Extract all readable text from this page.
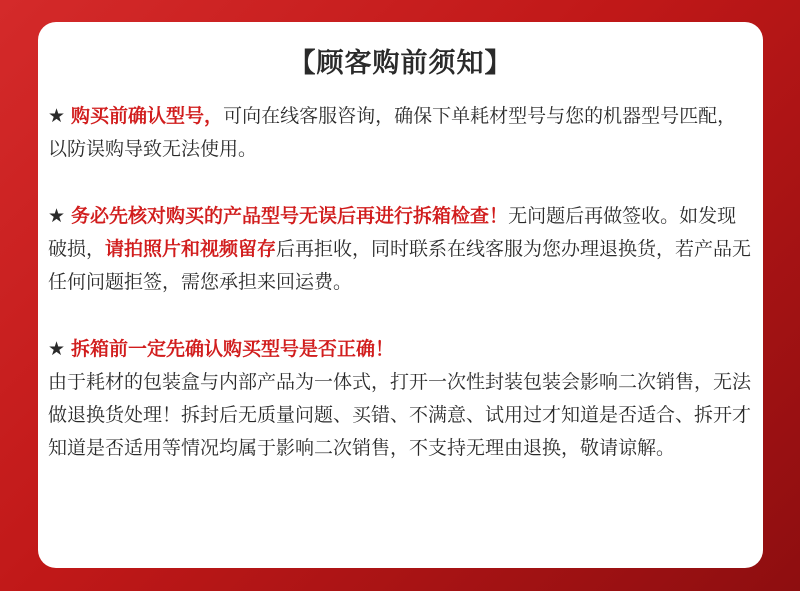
【顾客购前须知】
★ 购买前确认型号，可向在线客服咨询，确保下单耗材型号与您的机器型号匹配，以防误购导致无法使用。
★ 务必先核对购买的产品型号无误后再进行拆箱检查！无问题后再做签收。如发现破损，请拍照片和视频留存后再拒收，同时联系在线客服为您办理退换货，若产品无任何问题拒签，需您承担来回运费。
★ 拆箱前一定先确认购买型号是否正确！
由于耗材的包装盒与内部产品为一体式，打开一次性封装包装会影响二次销售，无法做退换货处理！拆封后无质量问题、买错、不满意、试用过才知道是否适合、拆开才知道是否适用等情况均属于影响二次销售，不支持无理由退换，敬请谅解。
